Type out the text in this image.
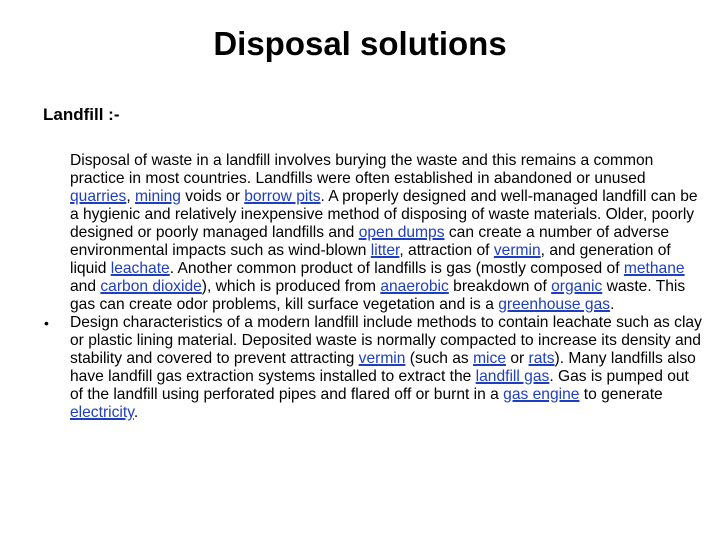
Disposal solutions
Landfill :-

Disposal of waste in a landfill involves burying the waste and this remains a common practice in most countries. Landfills were often established in abandoned or unused quarries, mining voids or borrow pits. A properly designed and well-managed landfill can be a hygienic and relatively inexpensive method of disposing of waste materials. Older, poorly designed or poorly managed landfills and open dumps can create a number of adverse environmental impacts such as wind-blown litter, attraction of vermin, and generation of liquid leachate. Another common product of landfills is gas (mostly composed of methane and carbon dioxide), which is produced from anaerobic breakdown of organic waste. This gas can create odor problems, kill surface vegetation and is a greenhouse gas.

• Design characteristics of a modern landfill include methods to contain leachate such as clay or plastic lining material. Deposited waste is normally compacted to increase its density and stability and covered to prevent attracting vermin (such as mice or rats). Many landfills also have landfill gas extraction systems installed to extract the landfill gas. Gas is pumped out of the landfill using perforated pipes and flared off or burnt in a gas engine to generate electricity.
